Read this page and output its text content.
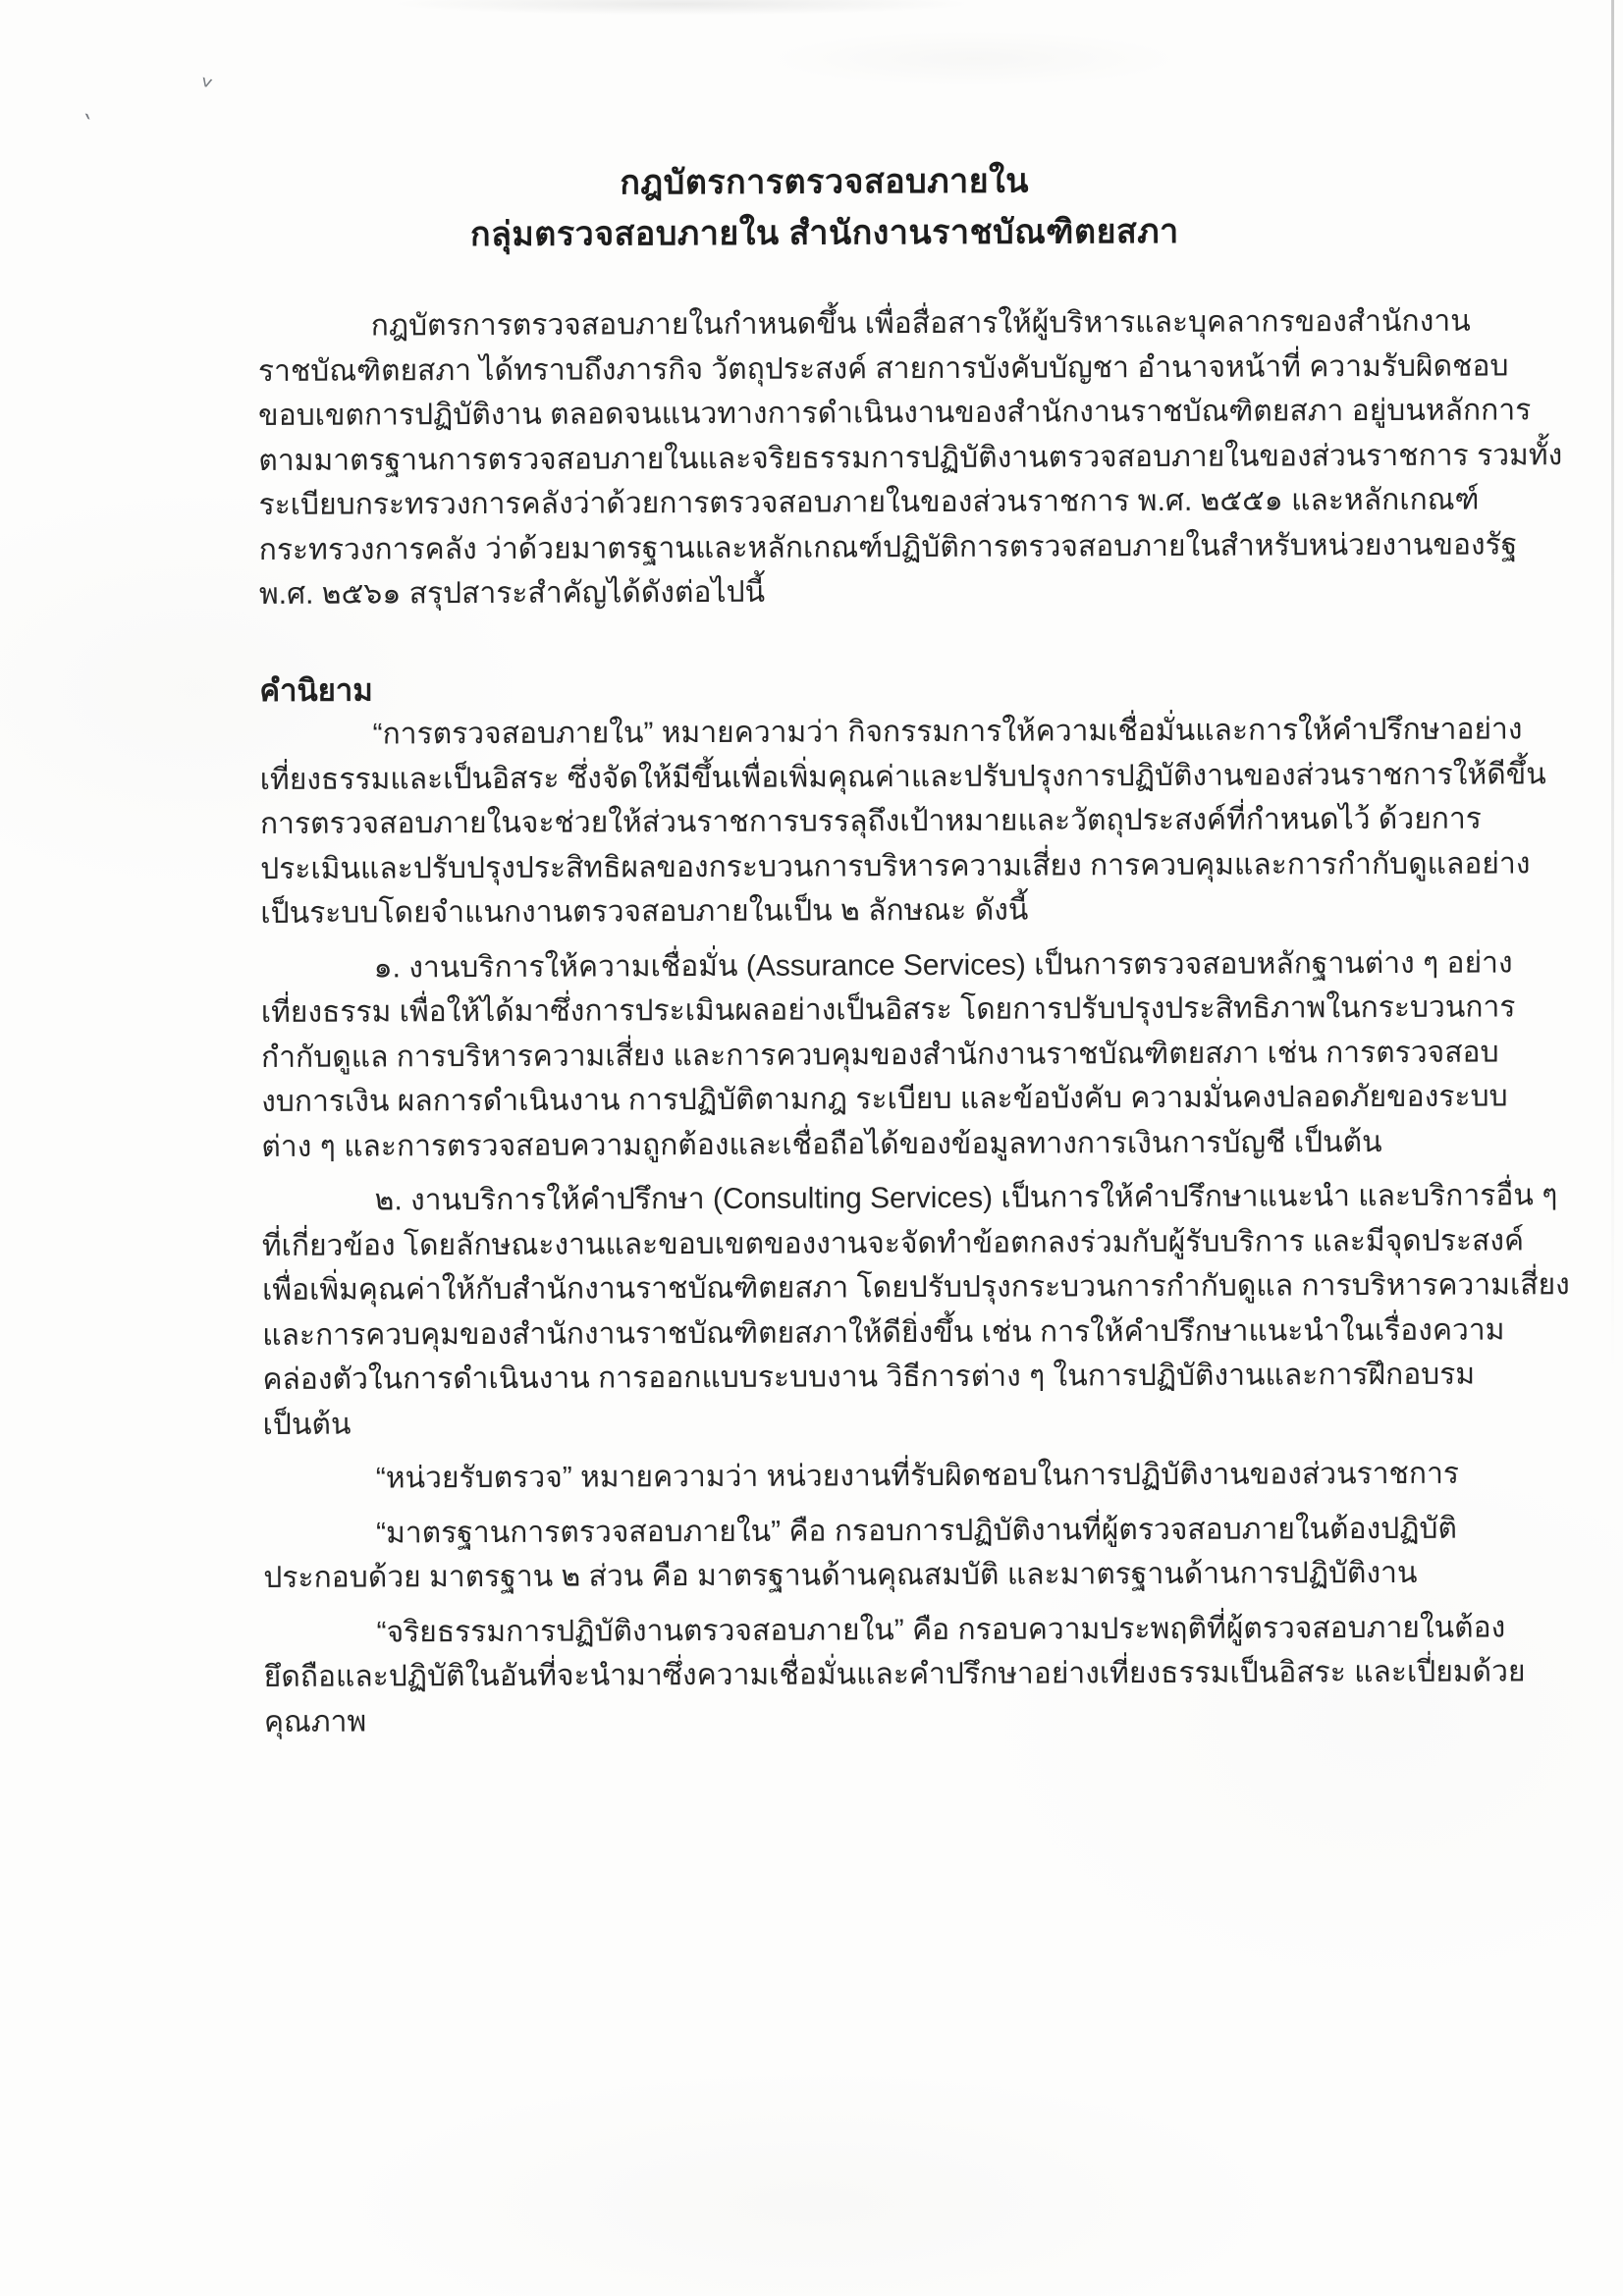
>
`
กฎบัตรการตรวจสอบภายใน
กลุ่มตรวจสอบภายใน สำนักงานราชบัณฑิตยสภา
กฎบัตรการตรวจสอบภายในกำหนดขึ้น เพื่อสื่อสารให้ผู้บริหารและบุคลากรของสำนักงาน
ราชบัณฑิตยสภา ได้ทราบถึงภารกิจ วัตถุประสงค์ สายการบังคับบัญชา อำนาจหน้าที่ ความรับผิดชอบ
ขอบเขตการปฏิบัติงาน ตลอดจนแนวทางการดำเนินงานของสำนักงานราชบัณฑิตยสภา อยู่บนหลักการ
ตามมาตรฐานการตรวจสอบภายในและจริยธรรมการปฏิบัติงานตรวจสอบภายในของส่วนราชการ รวมทั้ง
ระเบียบกระทรวงการคลังว่าด้วยการตรวจสอบภายในของส่วนราชการ พ.ศ. ๒๕๕๑ และหลักเกณฑ์
กระทรวงการคลัง ว่าด้วยมาตรฐานและหลักเกณฑ์ปฏิบัติการตรวจสอบภายในสำหรับหน่วยงานของรัฐ
พ.ศ. ๒๕๖๑ สรุปสาระสำคัญได้ดังต่อไปนี้
คำนิยาม
“การตรวจสอบภายใน” หมายความว่า กิจกรรมการให้ความเชื่อมั่นและการให้คำปรึกษาอย่าง
เที่ยงธรรมและเป็นอิสระ ซึ่งจัดให้มีขึ้นเพื่อเพิ่มคุณค่าและปรับปรุงการปฏิบัติงานของส่วนราชการให้ดีขึ้น
การตรวจสอบภายในจะช่วยให้ส่วนราชการบรรลุถึงเป้าหมายและวัตถุประสงค์ที่กำหนดไว้ ด้วยการ
ประเมินและปรับปรุงประสิทธิผลของกระบวนการบริหารความเสี่ยง การควบคุมและการกำกับดูแลอย่าง
เป็นระบบโดยจำแนกงานตรวจสอบภายในเป็น ๒ ลักษณะ ดังนี้
๑. งานบริการให้ความเชื่อมั่น (Assurance Services) เป็นการตรวจสอบหลักฐานต่าง ๆ อย่าง
เที่ยงธรรม เพื่อให้ได้มาซึ่งการประเมินผลอย่างเป็นอิสระ โดยการปรับปรุงประสิทธิภาพในกระบวนการ
กำกับดูแล การบริหารความเสี่ยง และการควบคุมของสำนักงานราชบัณฑิตยสภา เช่น การตรวจสอบ
งบการเงิน ผลการดำเนินงาน การปฏิบัติตามกฎ ระเบียบ และข้อบังคับ ความมั่นคงปลอดภัยของระบบ
ต่าง ๆ และการตรวจสอบความถูกต้องและเชื่อถือได้ของข้อมูลทางการเงินการบัญชี เป็นต้น
๒. งานบริการให้คำปรึกษา (Consulting Services) เป็นการให้คำปรึกษาแนะนำ และบริการอื่น ๆ
ที่เกี่ยวข้อง โดยลักษณะงานและขอบเขตของงานจะจัดทำข้อตกลงร่วมกับผู้รับบริการ และมีจุดประสงค์
เพื่อเพิ่มคุณค่าให้กับสำนักงานราชบัณฑิตยสภา โดยปรับปรุงกระบวนการกำกับดูแล การบริหารความเสี่ยง
และการควบคุมของสำนักงานราชบัณฑิตยสภาให้ดียิ่งขึ้น เช่น การให้คำปรึกษาแนะนำในเรื่องความ
คล่องตัวในการดำเนินงาน การออกแบบระบบงาน วิธีการต่าง ๆ ในการปฏิบัติงานและการฝึกอบรม
เป็นต้น
“หน่วยรับตรวจ” หมายความว่า หน่วยงานที่รับผิดชอบในการปฏิบัติงานของส่วนราชการ
“มาตรฐานการตรวจสอบภายใน” คือ กรอบการปฏิบัติงานที่ผู้ตรวจสอบภายในต้องปฏิบัติ
ประกอบด้วย มาตรฐาน ๒ ส่วน คือ มาตรฐานด้านคุณสมบัติ และมาตรฐานด้านการปฏิบัติงาน
“จริยธรรมการปฏิบัติงานตรวจสอบภายใน” คือ กรอบความประพฤติที่ผู้ตรวจสอบภายในต้อง
ยึดถือและปฏิบัติในอันที่จะนำมาซึ่งความเชื่อมั่นและคำปรึกษาอย่างเที่ยงธรรมเป็นอิสระ และเปี่ยมด้วย
คุณภาพ
